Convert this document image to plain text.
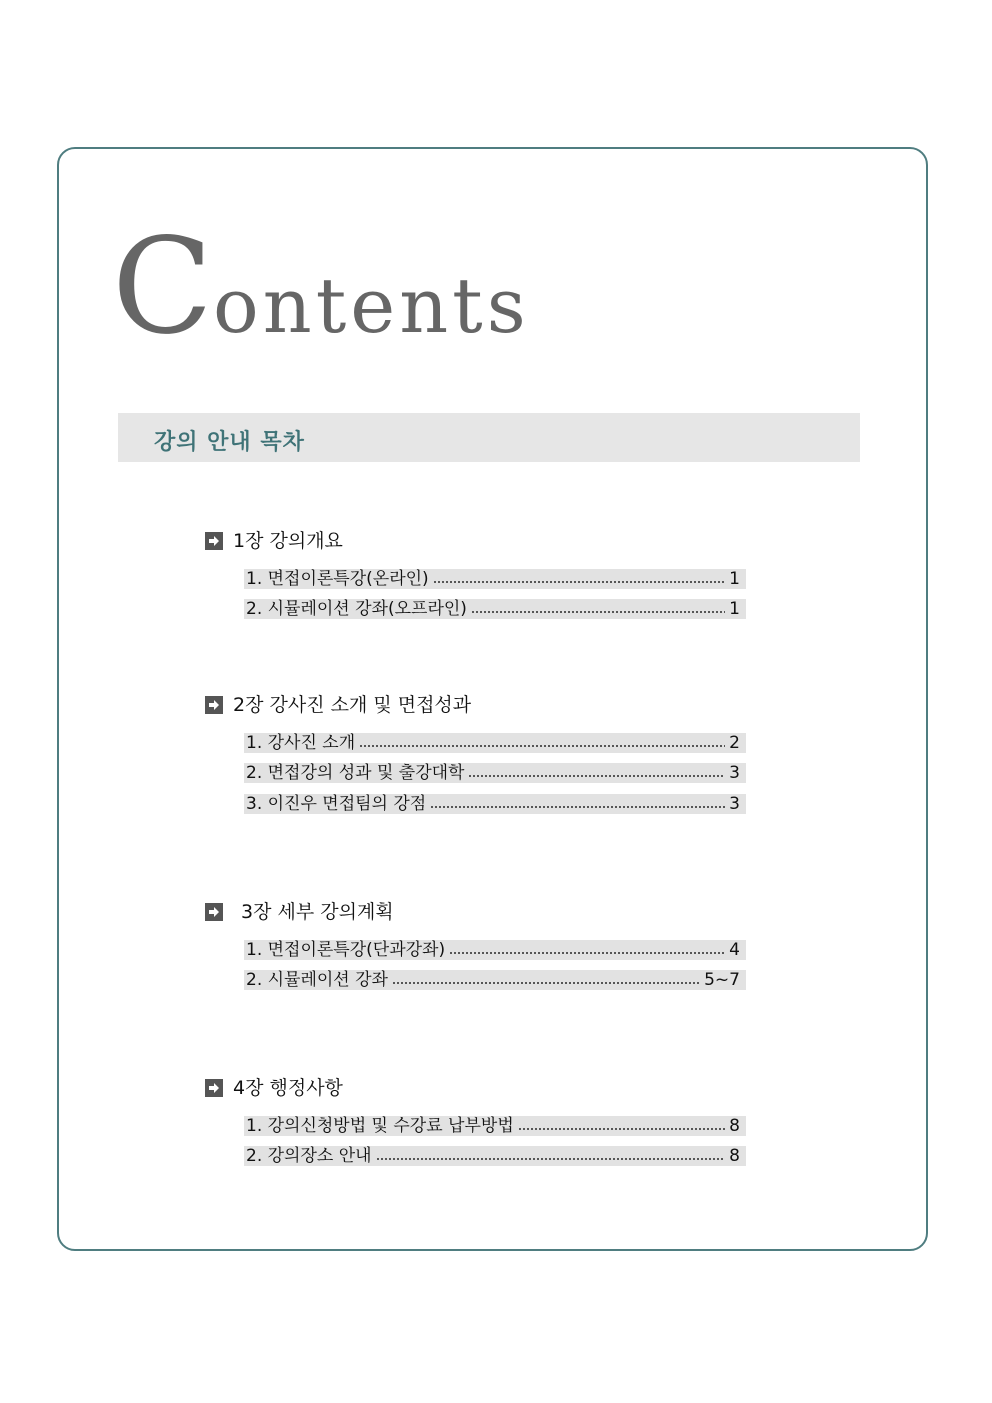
Contents
강의 안내 목차
1장 강의개요
1. 면접이론특강(온라인)	1
2. 시뮬레이션 강좌(오프라인)	1
2장 강사진 소개 및 면접성과
1. 강사진 소개	2
2. 면접강의 성과 및 출강대학	3
3. 이진우 면접팀의 강점	3
3장 세부 강의계획
1. 면접이론특강(단과강좌)	4
2. 시뮬레이션 강좌	5~7
4장 행정사항
1. 강의신청방법 및 수강료 납부방법	8
2. 강의장소 안내	8
